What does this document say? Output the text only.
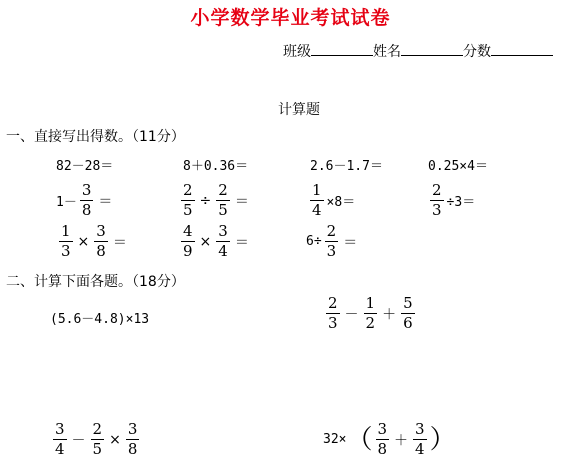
小学数学毕业考试试卷
班级	姓名	分数
计算题
一、直接写出得数。（11分）
82－28＝	8＋0.36＝	2.6－1.7＝	0.25×4＝
$1- \frac{3}{8}$ ＝	$\frac{2}{5} \div \frac{2}{5}$ ＝	$\frac{1}{4} \times 8=$	$\frac{2}{3} \div 3=$
$\frac{1}{3} \times \frac{3}{8}$ ＝	$\frac{4}{9} \times \frac{3}{4}$ ＝	$6\div \frac{2}{3}$ ＝
二、计算下面各题。（18分）
(5.6－4.8)×13	$\frac{2}{3} - \frac{1}{2} + \frac{5}{6}$
$\frac{3}{4} - \frac{2}{5} \times \frac{3}{8}$	32× （ $\frac{3}{8} + \frac{3}{4}$ ）
